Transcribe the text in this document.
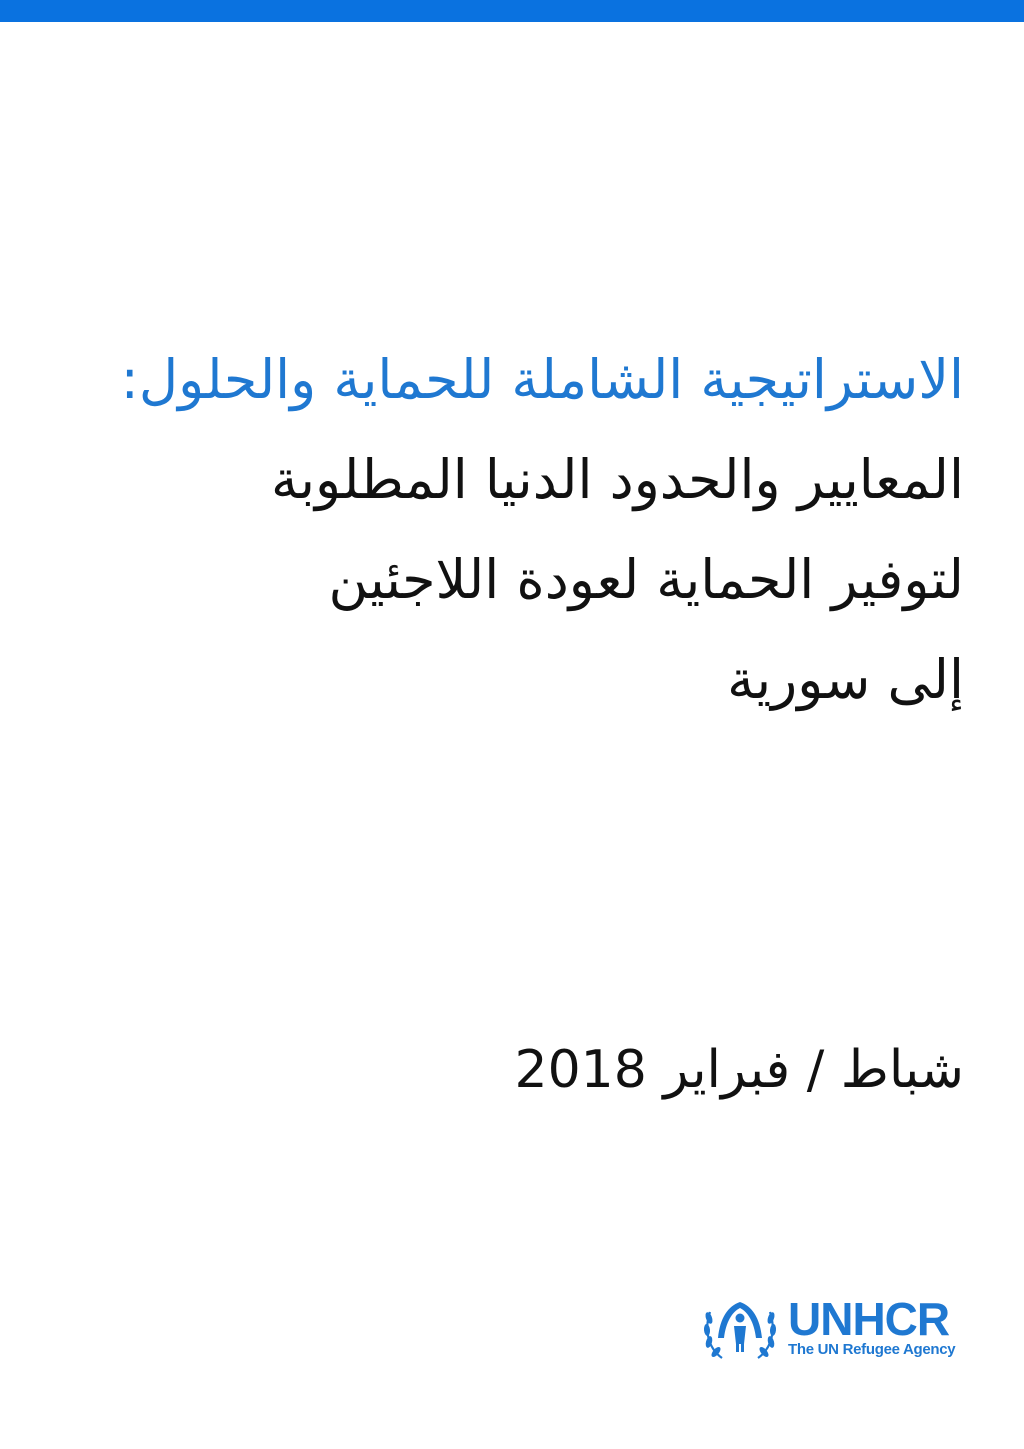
الاستراتيجية الشاملة للحماية والحلول:
المعايير والحدود الدنيا المطلوبة
لتوفير الحماية لعودة اللاجئين
إلى سورية
شباط / فبراير 2018
UNHCR
The UN Refugee Agency
